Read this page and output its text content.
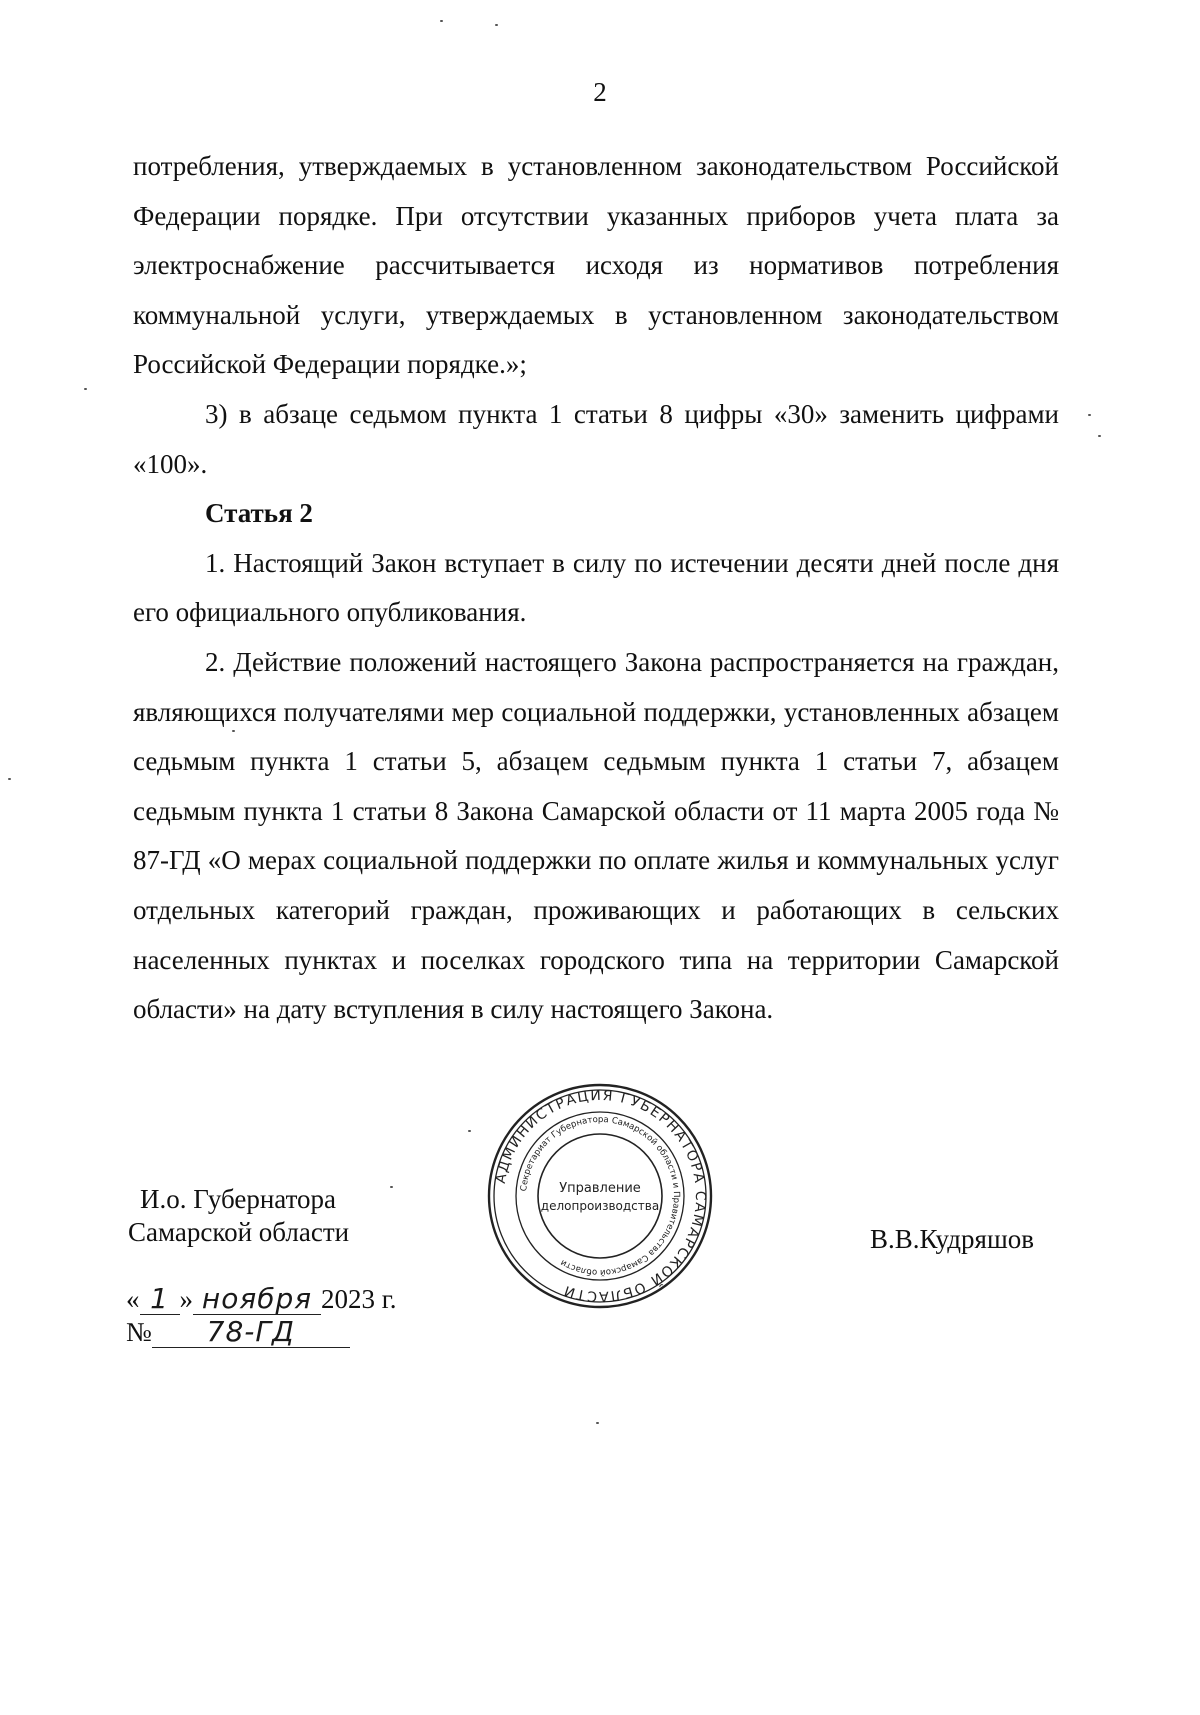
2

потребления, утверждаемых в установленном законодательством Российской Федерации порядке. При отсутствии указанных приборов учета плата за электроснабжение рассчитывается исходя из нормативов потребления коммунальной услуги, утверждаемых в установленном законодательством Российской Федерации порядке.»;

3) в абзаце седьмом пункта 1 статьи 8 цифры «30» заменить цифрами «100».

Статья 2

1. Настоящий Закон вступает в силу по истечении десяти дней после дня его официального опубликования.

2. Действие положений настоящего Закона распространяется на граждан, являющихся получателями мер социальной поддержки, установленных абзацем седьмым пункта 1 статьи 5, абзацем седьмым пункта 1 статьи 7, абзацем седьмым пункта 1 статьи 8 Закона Самарской области от 11 марта 2005 года № 87-ГД «О мерах социальной поддержки по оплате жилья и коммунальных услуг отдельных категорий граждан, проживающих и работающих в сельских населенных пунктах и поселках городского типа на территории Самарской области» на дату вступления в силу настоящего Закона.

И.о. Губернатора
Самарской области
АДМИНИСТРАЦИЯ ГУБЕРНАТОРА САМАРСКОЙ ОБЛАСТИ
Секретариат Губернатора Самарской области и Правительства Самарской области
Управление
делопроизводства
В.В.Кудряшов
« 1 » ноября 2023 г.
№ 78-ГД
